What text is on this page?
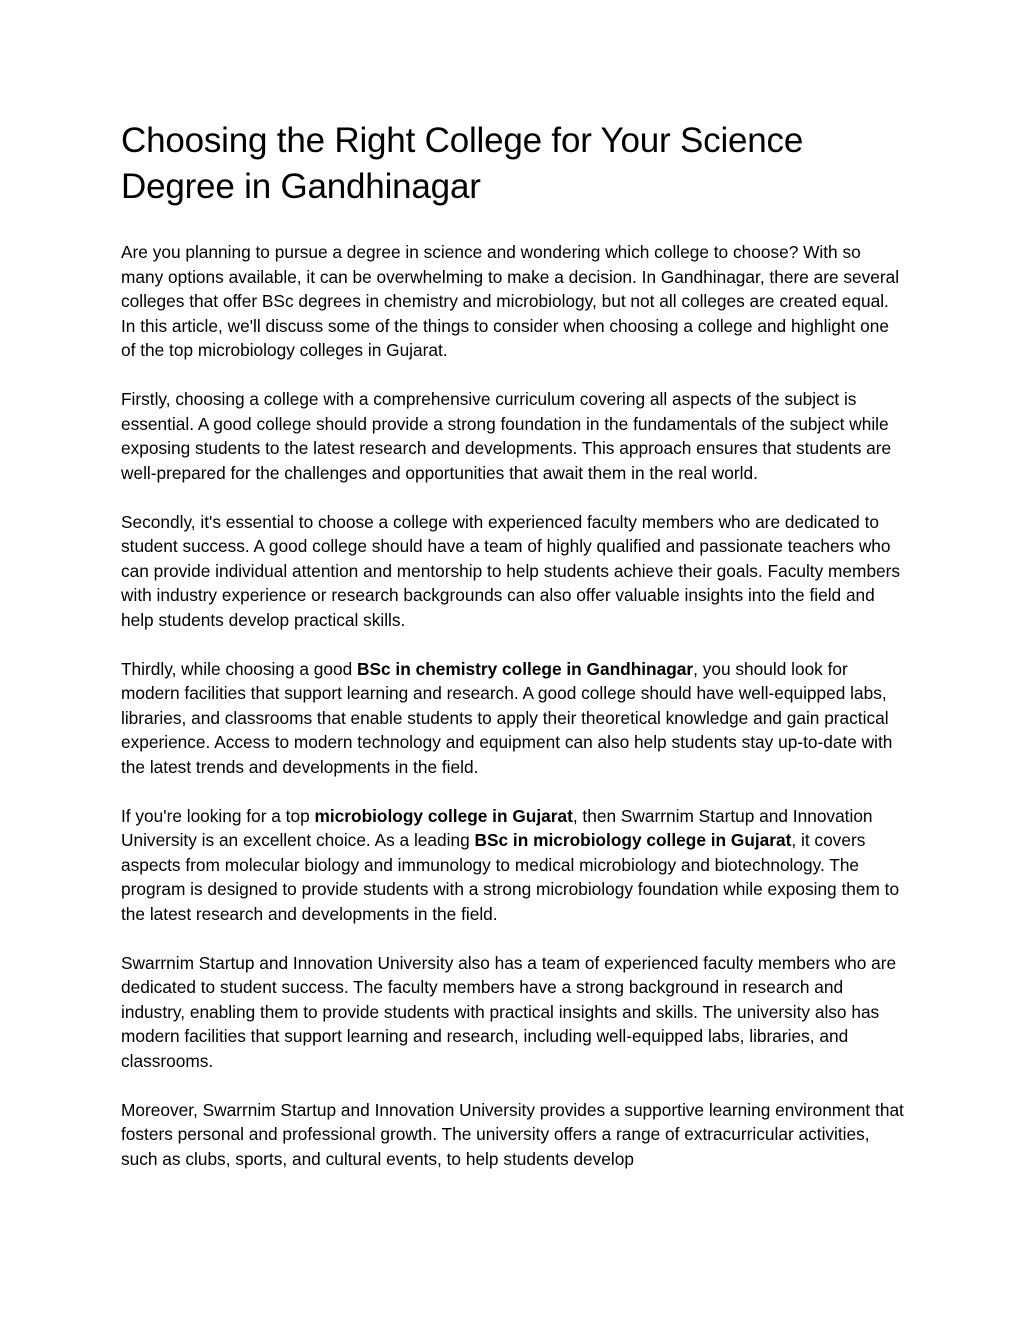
Choosing the Right College for Your Science Degree in Gandhinagar

Are you planning to pursue a degree in science and wondering which college to choose? With so many options available, it can be overwhelming to make a decision. In Gandhinagar, there are several colleges that offer BSc degrees in chemistry and microbiology, but not all colleges are created equal. In this article, we'll discuss some of the things to consider when choosing a college and highlight one of the top microbiology colleges in Gujarat.

Firstly, choosing a college with a comprehensive curriculum covering all aspects of the subject is essential. A good college should provide a strong foundation in the fundamentals of the subject while exposing students to the latest research and developments. This approach ensures that students are well-prepared for the challenges and opportunities that await them in the real world.

Secondly, it's essential to choose a college with experienced faculty members who are dedicated to student success. A good college should have a team of highly qualified and passionate teachers who can provide individual attention and mentorship to help students achieve their goals. Faculty members with industry experience or research backgrounds can also offer valuable insights into the field and help students develop practical skills.

Thirdly, while choosing a good BSc in chemistry college in Gandhinagar, you should look for modern facilities that support learning and research. A good college should have well-equipped labs, libraries, and classrooms that enable students to apply their theoretical knowledge and gain practical experience. Access to modern technology and equipment can also help students stay up-to-date with the latest trends and developments in the field.

If you're looking for a top microbiology college in Gujarat, then Swarrnim Startup and Innovation University is an excellent choice. As a leading BSc in microbiology college in Gujarat, it covers aspects from molecular biology and immunology to medical microbiology and biotechnology. The program is designed to provide students with a strong microbiology foundation while exposing them to the latest research and developments in the field.

Swarrnim Startup and Innovation University also has a team of experienced faculty members who are dedicated to student success. The faculty members have a strong background in research and industry, enabling them to provide students with practical insights and skills. The university also has modern facilities that support learning and research, including well-equipped labs, libraries, and classrooms.

Moreover, Swarrnim Startup and Innovation University provides a supportive learning environment that fosters personal and professional growth. The university offers a range of extracurricular activities, such as clubs, sports, and cultural events, to help students develop
